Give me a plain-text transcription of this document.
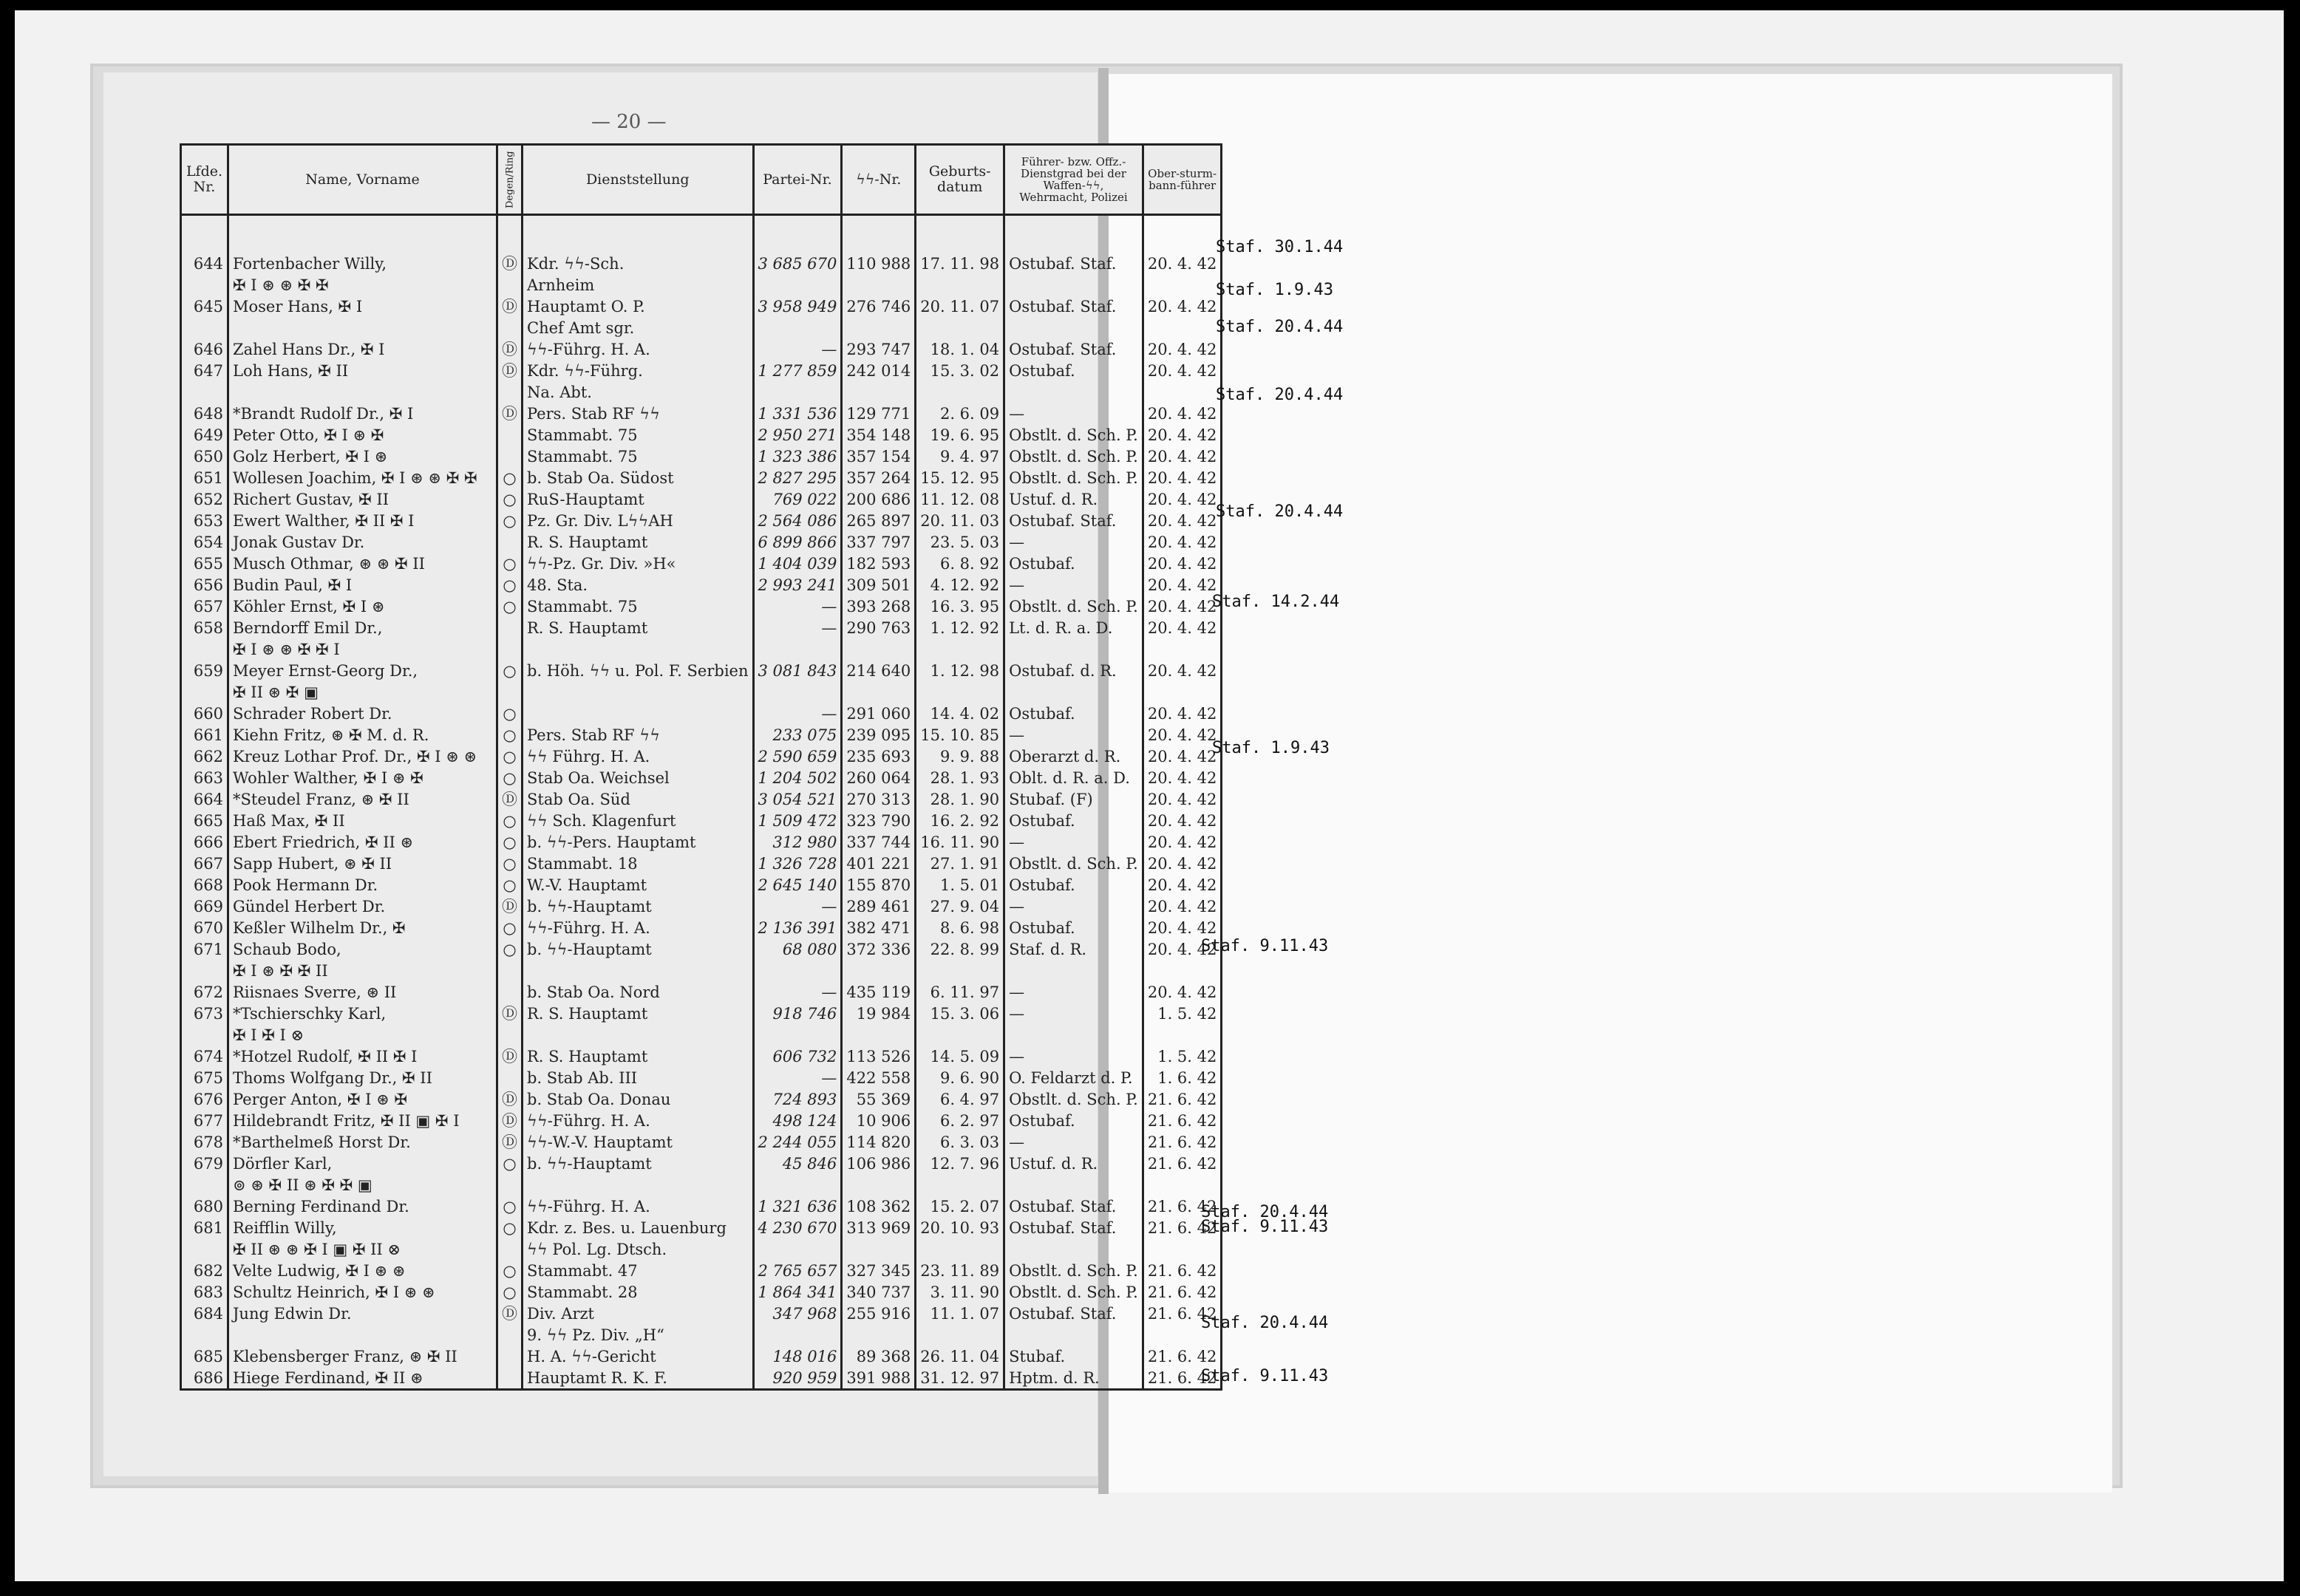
— 20 —
Lfde. Nr.	Name, Vorname	Degen/Ring	Dienststellung	Partei-Nr.	ϟϟ-Nr.	Geburts-datum	Führer- bzw. Offz.-Dienstgrad bei der Waffen-ϟϟ, Wehrmacht, Polizei	Ober-sturm-bann-führer

644	Fortenbacher Willy,	Ⓓ	Kdr. ϟϟ-Sch.	3 685 670	110 988	17. 11. 98	Ostubaf. Staf.	20. 4. 42
	✠ I ⊛ ⊛ ✠ ✠		Arnheim					
645	Moser Hans, ✠ I	Ⓓ	Hauptamt O. P.	3 958 949	276 746	20. 11. 07	Ostubaf. Staf.	20. 4. 42
			Chef Amt sgr.					
646	Zahel Hans Dr., ✠ I	Ⓓ	ϟϟ-Führg. H. A.	—	293 747	18. 1. 04	Ostubaf. Staf.	20. 4. 42
647	Loh Hans, ✠ II	Ⓓ	Kdr. ϟϟ-Führg.	1 277 859	242 014	15. 3. 02	Ostubaf.	20. 4. 42
			Na. Abt.					
648	*Brandt Rudolf Dr., ✠ I	Ⓓ	Pers. Stab RF ϟϟ	1 331 536	129 771	2. 6. 09	—	20. 4. 42
649	Peter Otto, ✠ I ⊛ ✠		Stammabt. 75	2 950 271	354 148	19. 6. 95	Obstlt. d. Sch. P.	20. 4. 42
650	Golz Herbert, ✠ I ⊛		Stammabt. 75	1 323 386	357 154	9. 4. 97	Obstlt. d. Sch. P.	20. 4. 42
651	Wollesen Joachim, ✠ I ⊛ ⊛ ✠ ✠	○	b. Stab Oa. Südost	2 827 295	357 264	15. 12. 95	Obstlt. d. Sch. P.	20. 4. 42
652	Richert Gustav, ✠ II	○	RuS-Hauptamt	769 022	200 686	11. 12. 08	Ustuf. d. R.	20. 4. 42
653	Ewert Walther, ✠ II ✠ I	○	Pz. Gr. Div. LϟϟAH	2 564 086	265 897	20. 11. 03	Ostubaf. Staf.	20. 4. 42
654	Jonak Gustav Dr.		R. S. Hauptamt	6 899 866	337 797	23. 5. 03	—	20. 4. 42
655	Musch Othmar, ⊛ ⊛ ✠ II	○	ϟϟ-Pz. Gr. Div. »H«	1 404 039	182 593	6. 8. 92	Ostubaf.	20. 4. 42
656	Budin Paul, ✠ I	○	48. Sta.	2 993 241	309 501	4. 12. 92	—	20. 4. 42
657	Köhler Ernst, ✠ I ⊛	○	Stammabt. 75	—	393 268	16. 3. 95	Obstlt. d. Sch. P.	20. 4. 42
658	Berndorff Emil Dr.,		R. S. Hauptamt	—	290 763	1. 12. 92	Lt. d. R. a. D.	20. 4. 42
	✠ I ⊛ ⊛ ✠ ✠ I							
659	Meyer Ernst-Georg Dr.,	○	b. Höh. ϟϟ u. Pol. F. Serbien	3 081 843	214 640	1. 12. 98	Ostubaf. d. R.	20. 4. 42
	✠ II ⊛ ✠ ▣							
660	Schrader Robert Dr.	○		—	291 060	14. 4. 02	Ostubaf.	20. 4. 42
661	Kiehn Fritz, ⊛ ✠ M. d. R.	○	Pers. Stab RF ϟϟ	233 075	239 095	15. 10. 85	—	20. 4. 42
662	Kreuz Lothar Prof. Dr., ✠ I ⊛ ⊛	○	ϟϟ Führg. H. A.	2 590 659	235 693	9. 9. 88	Oberarzt d. R.	20. 4. 42
663	Wohler Walther, ✠ I ⊛ ✠	○	Stab Oa. Weichsel	1 204 502	260 064	28. 1. 93	Oblt. d. R. a. D.	20. 4. 42
664	*Steudel Franz, ⊛ ✠ II	Ⓓ	Stab Oa. Süd	3 054 521	270 313	28. 1. 90	Stubaf. (F)	20. 4. 42
665	Haß Max, ✠ II	○	ϟϟ Sch. Klagenfurt	1 509 472	323 790	16. 2. 92	Ostubaf.	20. 4. 42
666	Ebert Friedrich, ✠ II ⊛	○	b. ϟϟ-Pers. Hauptamt	312 980	337 744	16. 11. 90	—	20. 4. 42
667	Sapp Hubert, ⊛ ✠ II	○	Stammabt. 18	1 326 728	401 221	27. 1. 91	Obstlt. d. Sch. P.	20. 4. 42
668	Pook Hermann Dr.	○	W.-V. Hauptamt	2 645 140	155 870	1. 5. 01	Ostubaf.	20. 4. 42
669	Gündel Herbert Dr.	Ⓓ	b. ϟϟ-Hauptamt	—	289 461	27. 9. 04	—	20. 4. 42
670	Keßler Wilhelm Dr., ✠	○	ϟϟ-Führg. H. A.	2 136 391	382 471	8. 6. 98	Ostubaf.	20. 4. 42
671	Schaub Bodo,	○	b. ϟϟ-Hauptamt	68 080	372 336	22. 8. 99	Staf. d. R.	20. 4. 42
	✠ I ⊛ ✠ ✠ II							
672	Riisnaes Sverre, ⊛ II		b. Stab Oa. Nord	—	435 119	6. 11. 97	—	20. 4. 42
673	*Tschierschky Karl,	Ⓓ	R. S. Hauptamt	918 746	19 984	15. 3. 06	—	1. 5. 42
	✠ I ✠ I ⊗							
674	*Hotzel Rudolf, ✠ II ✠ I	Ⓓ	R. S. Hauptamt	606 732	113 526	14. 5. 09	—	1. 5. 42
675	Thoms Wolfgang Dr., ✠ II		b. Stab Ab. III	—	422 558	9. 6. 90	O. Feldarzt d. P.	1. 6. 42
676	Perger Anton, ✠ I ⊛ ✠	Ⓓ	b. Stab Oa. Donau	724 893	55 369	6. 4. 97	Obstlt. d. Sch. P.	21. 6. 42
677	Hildebrandt Fritz, ✠ II ▣ ✠ I	Ⓓ	ϟϟ-Führg. H. A.	498 124	10 906	6. 2. 97	Ostubaf.	21. 6. 42
678	*Barthelmeß Horst Dr.	Ⓓ	ϟϟ-W.-V. Hauptamt	2 244 055	114 820	6. 3. 03	—	21. 6. 42
679	Dörfler Karl,	○	b. ϟϟ-Hauptamt	45 846	106 986	12. 7. 96	Ustuf. d. R.	21. 6. 42
	⊚ ⊛ ✠ II ⊛ ✠ ✠ ▣							
680	Berning Ferdinand Dr.	○	ϟϟ-Führg. H. A.	1 321 636	108 362	15. 2. 07	Ostubaf. Staf.	21. 6. 42
681	Reifflin Willy,	○	Kdr. z. Bes. u. Lauenburg	4 230 670	313 969	20. 10. 93	Ostubaf. Staf.	21. 6. 42
	✠ II ⊛ ⊛ ✠ I ▣ ✠ II ⊗		ϟϟ Pol. Lg. Dtsch.					
682	Velte Ludwig, ✠ I ⊛ ⊛	○	Stammabt. 47	2 765 657	327 345	23. 11. 89	Obstlt. d. Sch. P.	21. 6. 42
683	Schultz Heinrich, ✠ I ⊛ ⊛	○	Stammabt. 28	1 864 341	340 737	3. 11. 90	Obstlt. d. Sch. P.	21. 6. 42
684	Jung Edwin Dr.	Ⓓ	Div. Arzt	347 968	255 916	11. 1. 07	Ostubaf. Staf.	21. 6. 42
			9. ϟϟ Pz. Div. „H“					
685	Klebensberger Franz, ⊛ ✠ II		H. A. ϟϟ-Gericht	148 016	89 368	26. 11. 04	Stubaf.	21. 6. 42
686	Hiege Ferdinand, ✠ II ⊛		Hauptamt R. K. F.	920 959	391 988	31. 12. 97	Hptm. d. R.	21. 6. 42
Staf. 30.1.44
Staf. 1.9.43
Staf. 20.4.44
Staf. 20.4.44
Staf. 20.4.44
Staf. 14.2.44
Staf. 1.9.43
Staf. 9.11.43
Staf. 20.4.44
Staf. 9.11.43
Staf. 20.4.44
Staf. 9.11.43
